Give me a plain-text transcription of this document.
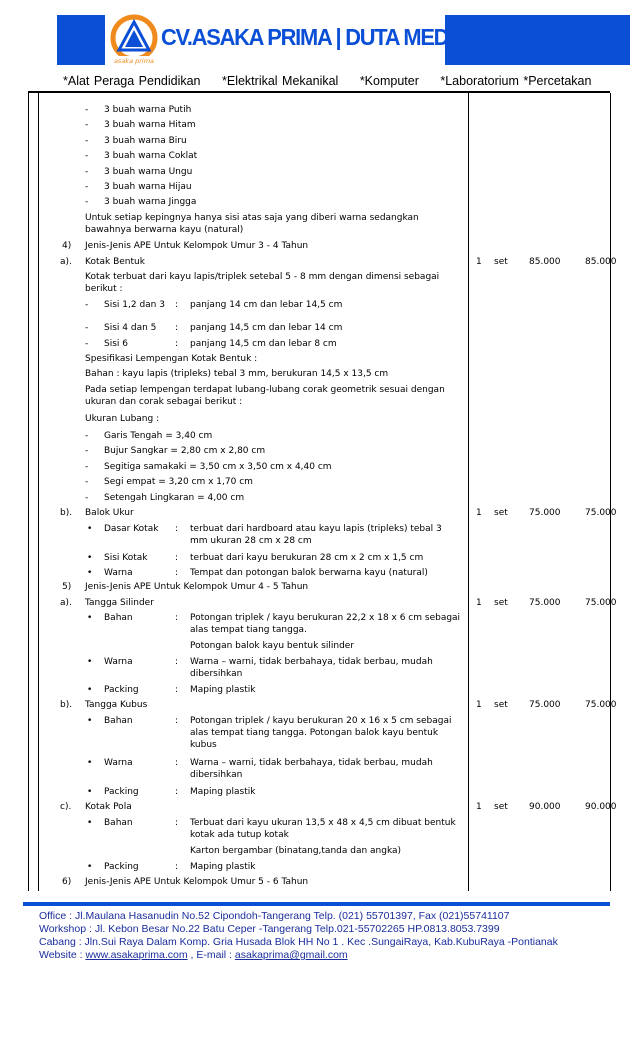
asaka prima
CV.ASAKA PRIMA | DUTA MEDIA GROUP
*Alat Peraga Pendidikan *Elektrikal Mekanikal *Komputer *Laboratorium *Percetakan
- 3 buah warna Putih
- 3 buah warna Hitam
- 3 buah warna Biru
- 3 buah warna Coklat
- 3 buah warna Ungu
- 3 buah warna Hijau
- 3 buah warna Jingga
Untuk setiap kepingnya hanya sisi atas saja yang diberi warna sedangkan bawahnya berwarna kayu (natural)
4) Jenis-Jenis APE Untuk Kelompok Umur 3 - 4 Tahun
a). Kotak Bentuk	1 set 85.000	85.000
Kotak terbuat dari kayu lapis/triplek setebal 5 - 8 mm dengan dimensi sebagai berikut :
- Sisi 1,2 dan 3 : panjang 14 cm dan lebar 14,5 cm
- Sisi 4 dan 5 : panjang 14,5 cm dan lebar 14 cm
- Sisi 6	: panjang 14,5 cm dan lebar 8 cm
Spesifikasi Lempengan Kotak Bentuk :
Bahan : kayu lapis (tripleks) tebal 3 mm, berukuran 14,5 x 13,5 cm
Pada setiap lempengan terdapat lubang-lubang corak geometrik sesuai dengan ukuran dan corak sebagai berikut :
Ukuran Lubang :
- Garis Tengah = 3,40 cm
- Bujur Sangkar = 2,80 cm x 2,80 cm
- Segitiga samakaki = 3,50 cm x 3,50 cm x 4,40 cm
- Segi empat = 3,20 cm x 1,70 cm
- Setengah Lingkaran = 4,00 cm
b). Balok Ukur	1 set 75.000	75.000
• Dasar Kotak : terbuat dari hardboard atau kayu lapis (tripleks) tebal 3 mm ukuran 28 cm x 28 cm
• Sisi Kotak	: terbuat dari kayu berukuran 28 cm x 2 cm x 1,5 cm
• Warna	: Tempat dan potongan balok berwarna kayu (natural)
5) Jenis-Jenis APE Untuk Kelompok Umur 4 - 5 Tahun
a). Tangga Silinder	1 set 75.000	75.000
• Bahan	: Potongan triplek / kayu berukuran 22,2 x 18 x 6 cm sebagai alas tempat tiang tangga.
Potongan balok kayu bentuk silinder
• Warna	: Warna – warni, tidak berbahaya, tidak berbau, mudah dibersihkan
• Packing	: Maping plastik
b). Tangga Kubus	1 set 75.000	75.000
• Bahan	: Potongan triplek / kayu berukuran 20 x 16 x 5 cm sebagai alas tempat tiang tangga. Potongan balok kayu bentuk kubus
• Warna	: Warna – warni, tidak berbahaya, tidak berbau, mudah dibersihkan
• Packing	: Maping plastik
c). Kotak Pola	1 set 90.000	90.000
• Bahan	: Terbuat dari kayu ukuran 13,5 x 48 x 4,5 cm dibuat bentuk kotak ada tutup kotak
Karton bergambar (binatang,tanda dan angka)
• Packing	: Maping plastik
6) Jenis-Jenis APE Untuk Kelompok Umur 5 - 6 Tahun
Office : Jl.Maulana Hasanudin No.52 Cipondoh-Tangerang Telp. (021) 55701397, Fax (021)55741107
Workshop : Jl. Kebon Besar No.22 Batu Ceper -Tangerang Telp.021-55702265 HP.0813.8053.7399
Cabang : Jln.Sui Raya Dalam Komp. Gria Husada Blok HH No 1 . Kec .SungaiRaya, Kab.KubuRaya -Pontianak
Website : www.asakaprima.com , E-mail : asakaprima@gmail.com
